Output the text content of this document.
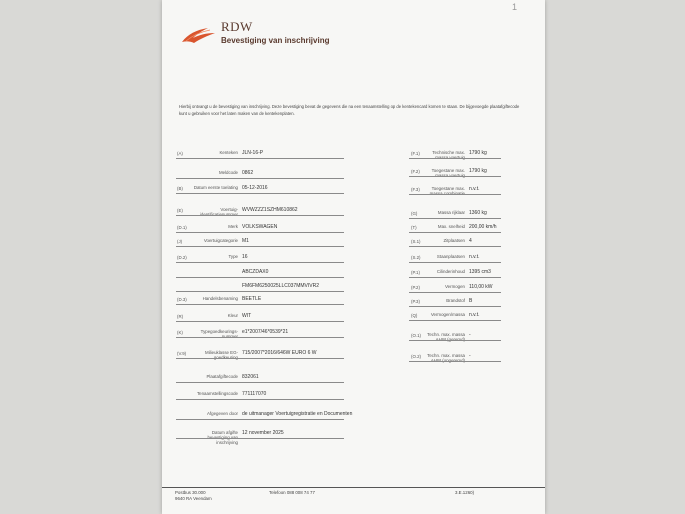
1
RDW
Bevestiging van inschrijving
Hierbij ontvangt u de bevestiging van inschrijving. Deze bevestiging bevat de gegevens die na een tenaamstelling op de kentekencard komen te staan. De bijgevoegde plaatafgiftecode kunt u gebruiken voor het laten maken van de kentekenplaten.
(A)	Kenteken JLN-16-P
Meldcode 0862
(B)	Datum eerste toelating 05-12-2016
(E)	Voertuig-identificatienummer
WVWZZZ1SZHM610862
(D.1)	Merk VOLKSWAGEN
(J)	Voertuigcategorie M1
(D.2)	Type 16
ABCZDAX0
FM6FM6250025LLC037MMVIVR2
(D.3)	Handelsbenaming BEETLE
(R)	Kleur WIT
(K)	Typegoedkeurings-nummer
e1*2007/46*0539*21
(V.9)	Milieuklasse EG-goedkeuring
715/2007*2016/646W EURO 6 W
Plaatafgiftecode 832061
Tenaamstellingscode 771117070
Afgegeven door de uitmanager Voertuigregistratie en Documenten
Datum afgifte bevestiging van inschrijving
12 november 2025
(F.1)	Technische max. massa voertuig
1790 kg
(F.2)	Toegestane max. massa voertuig
1790 kg
(F.3)	Toegestane max. massa combinatie
n.v.t.
(G)	Massa rijklaar 1360 kg
(T)	Max. snelheid 200,00 km/h
(S.1)	Zitplaatsen 4
(S.2)	Staanplaatsen n.v.t.
(P.1)	Cilinderinhoud 1395 cm3
(P.2)	Vermogen 110,00 kW
(P.3)	Brandstof B
(Q)	Vermogen/massa n.v.t.
(O.1)	Techn. max. massa AHW (geremd)
-
(O.2)	Techn. max. massa AHW (ongeremd)
-
Postbus 30.000
9640 RA Veendam
Telefoon 088 008 74 77	3.E.1260)
